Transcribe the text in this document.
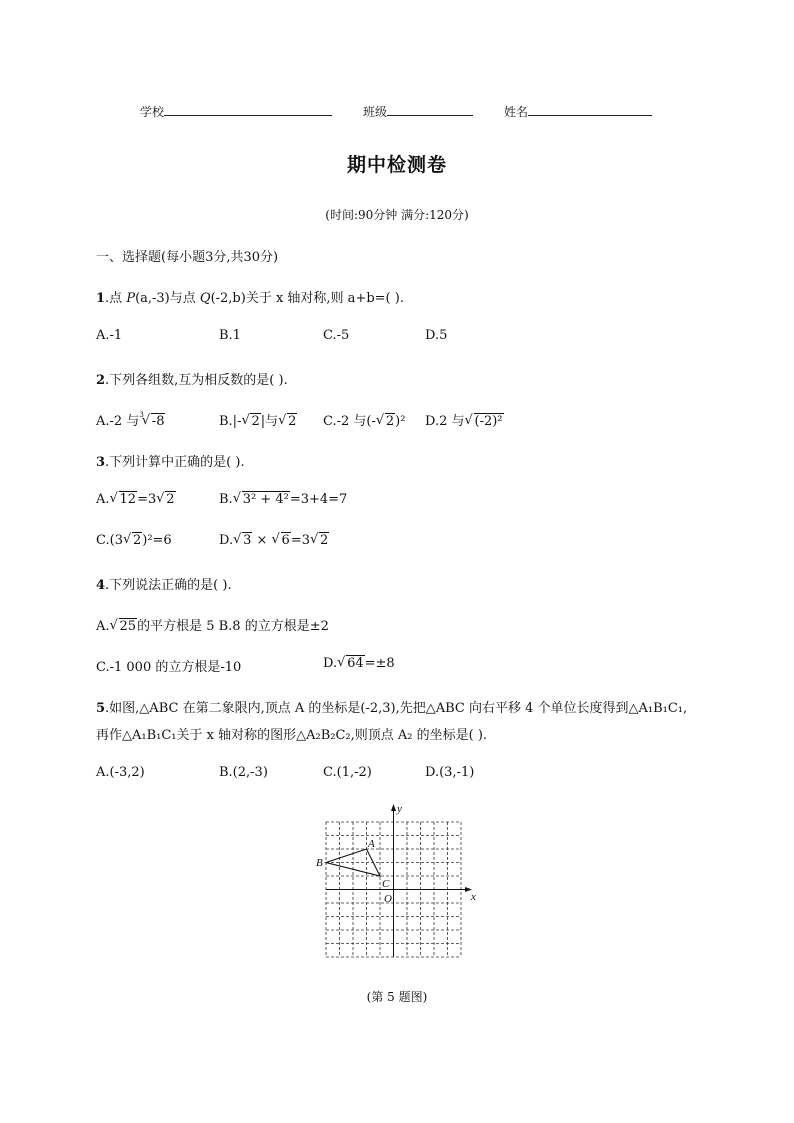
学校	班级	姓名
期中检测卷
(时间:90分钟 满分:120分)
一、选择题(每小题3分,共30分)
1.点 P(a,-3)与点 Q(-2,b)关于 x 轴对称,则 a+b=( ).
A.-1	B.1	C.-5	D.5
2.下列各组数,互为相反数的是( ).
A.-2 与$^3$ √ -8	B.|- √ 2|与 √ 2 C.-2 与(- √ 2)² D.2 与 √ (-2)²
3.下列计算中正确的是( ).
A. √ 12=3 √ 2	B. √ 3² + 4²=3+4=7
C.(3 √ 2)²=6	D. √ 3 × √ 6=3 √ 2
4.下列说法正确的是( ).
A. √ 25的平方根是 5 B.8 的立方根是±2
C.-1 000 的立方根是-10	D. √ 64=±8
5.如图,△ABC 在第二象限内,顶点 A 的坐标是(-2,3),先把△ABC 向右平移 4 个单位长度得到△A₁B₁C₁,
再作△A₁B₁C₁关于 x 轴对称的图形△A₂B₂C₂,则顶点 A₂ 的坐标是( ).
A.(-3,2)	B.(2,-3)	C.(1,-2)	D.(3,-1)
y
x
A
B
C
O
(第 5 题图)
